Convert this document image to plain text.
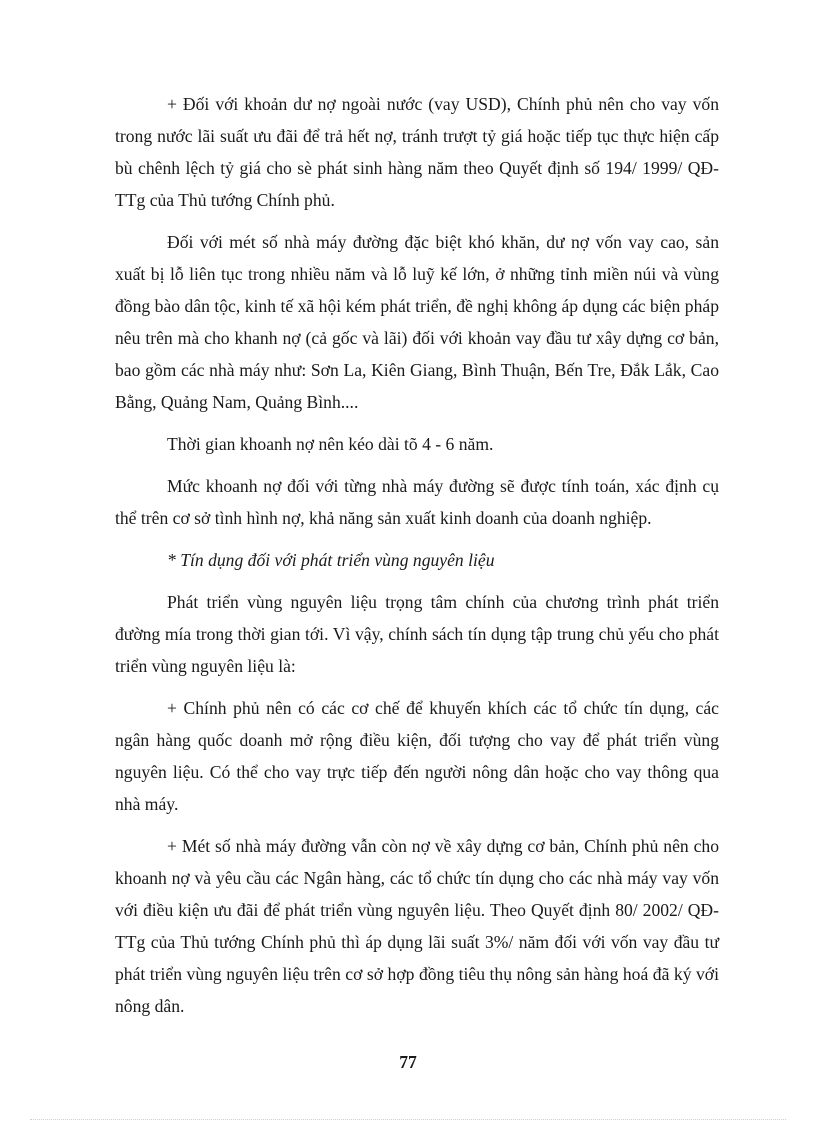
+ Đối với khoản dư nợ ngoài nước (vay USD), Chính phủ nên cho vay vốn trong nước lãi suất ưu đãi để trả hết nợ, tránh trượt tỷ giá hoặc tiếp tục thực hiện cấp bù chênh lệch tỷ giá cho sè phát sinh hàng năm theo Quyết định số 194/ 1999/ QĐ-TTg của Thủ tướng Chính phủ.

Đối với mét số nhà máy đường đặc biệt khó khăn, dư nợ vốn vay cao, sản xuất bị lỗ liên tục trong nhiều năm và lỗ luỹ kế lớn, ở những tỉnh miền núi và vùng đồng bào dân tộc, kinh tế xã hội kém phát triển, đề nghị không áp dụng các biện pháp nêu trên mà cho khanh nợ (cả gốc và lãi) đối với khoản vay đầu tư xây dựng cơ bản, bao gồm các nhà máy như: Sơn La, Kiên Giang, Bình Thuận, Bến Tre, Đắk Lắk, Cao Bằng, Quảng Nam, Quảng Bình....

Thời gian khoanh nợ nên kéo dài tõ 4 - 6 năm.

Mức khoanh nợ đối với từng nhà máy đường sẽ được tính toán, xác định cụ thể trên cơ sở tình hình nợ, khả năng sản xuất kinh doanh của doanh nghiệp.

* Tín dụng đối với phát triển vùng nguyên liệu

Phát triển vùng nguyên liệu trọng tâm chính của chương trình phát triển đường mía trong thời gian tới. Vì vậy, chính sách tín dụng tập trung chủ yếu cho phát triển vùng nguyên liệu là:

+ Chính phủ nên có các cơ chế để khuyến khích các tổ chức tín dụng, các ngân hàng quốc doanh mở rộng điều kiện, đối tượng cho vay để phát triển vùng nguyên liệu. Có thể cho vay trực tiếp đến người nông dân hoặc cho vay thông qua nhà máy.

+ Mét số nhà máy đường vẫn còn nợ về xây dựng cơ bản, Chính phủ nên cho khoanh nợ và yêu cầu các Ngân hàng, các tổ chức tín dụng cho các nhà máy vay vốn với điều kiện ưu đãi để phát triển vùng nguyên liệu. Theo Quyết định 80/ 2002/ QĐ-TTg của Thủ tướng Chính phủ thì áp dụng lãi suất 3%/ năm đối với vốn vay đầu tư phát triển vùng nguyên liệu trên cơ sở hợp đồng tiêu thụ nông sản hàng hoá đã ký với nông dân.

77
